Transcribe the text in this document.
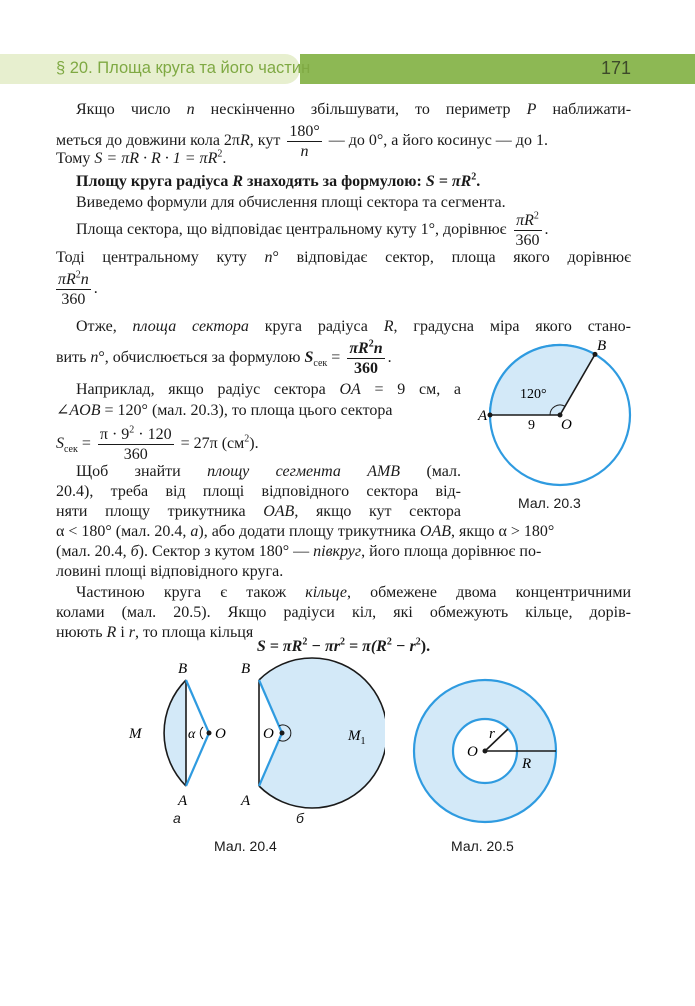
§ 20. Площа круга та його частин	171
Якщо число n нескінченно збільшувати, то периметр P наближати-
меться до довжини кола 2πR, кут $\frac{180^\circ}{n}$ — до 0°, а його косинус — до 1.
Тому $S = \pi R \cdot R \cdot 1 = \pi R^2$.
Площу круга радіуса R знаходять за формулою: $S = \pi R^2$.
Виведемо формули для обчислення площі сектора та сегмента.
Площа сектора, що відповідає центральному куту 1°, дорівнює $\frac{\pi R^2}{360}$ .
Тоді центральному куту n° відповідає сектор, площа якого дорівнює
$\frac{\pi R^2n}{360}$ .
Отже, площа сектора круга радіуса R, градусна міра якого стано-
вить n°, обчислюється за формулою $S_{сек} = \frac{\pi R^2n}{360}$ .
Наприклад, якщо радіус сектора OA = 9 см, а
∠AOB = 120° (мал. 20.3), то площа цього сектора
$S_{сек} = \frac{\pi \cdot 9^2 \cdot 120}{360} = 27\pi$ $(см^2)$.
Щоб знайти площу сегмента AMB (мал.
20.4), треба від площі відповідного сектора від-
няти площу трикутника OAB, якщо кут сектора
α < 180° (мал. 20.4, а), або додати площу трикутника OAB, якщо α > 180°
(мал. 20.4, б). Сектор з кутом 180° — півкруг, його площа дорівнює по-
ловині площі відповідного круга.
Частиною круга є також кільце, обмежене двома концентричними
колами (мал. 20.5). Якщо радіуси кіл, які обмежують кільце, дорів-
нюють R і r, то площа кільця
$S = \pi R^2 - \pi r^2 = \pi(R^2 - r^2)$.
A
B
O
120°
9
Мал. 20.3
B
A
M	α O
а
B
A
O	$M_1$
б
Мал. 20.4
O
r
R
Мал. 20.5
